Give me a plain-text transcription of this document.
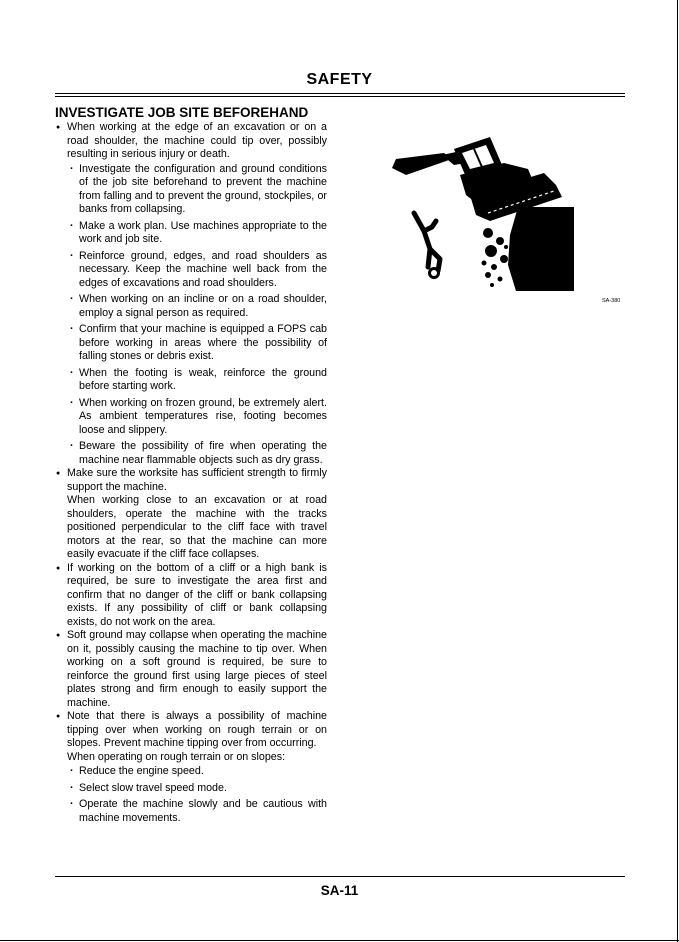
SAFETY
INVESTIGATE JOB SITE BEFOREHAND
● When working at the edge of an excavation or on a road shoulder, the machine could tip over, possibly resulting in serious injury or death.
· Investigate the configuration and ground conditions of the job site beforehand to prevent the machine from falling and to prevent the ground, stockpiles, or banks from collapsing.
· Make a work plan. Use machines appropriate to the work and job site.
· Reinforce ground, edges, and road shoulders as necessary. Keep the machine well back from the edges of excavations and road shoulders.
· When working on an incline or on a road shoulder, employ a signal person as required.
· Confirm that your machine is equipped a FOPS cab before working in areas where the possibility of falling stones or debris exist.
· When the footing is weak, reinforce the ground before starting work.
· When working on frozen ground, be extremely alert. As ambient temperatures rise, footing becomes loose and slippery.
· Beware the possibility of fire when operating the machine near flammable objects such as dry grass.
● Make sure the worksite has sufficient strength to firmly support the machine.
When working close to an excavation or at road shoulders, operate the machine with the tracks positioned perpendicular to the cliff face with travel motors at the rear, so that the machine can more easily evacuate if the cliff face collapses.
● If working on the bottom of a cliff or a high bank is required, be sure to investigate the area first and confirm that no danger of the cliff or bank collapsing exists. If any possibility of cliff or bank collapsing exists, do not work on the area.
● Soft ground may collapse when operating the machine on it, possibly causing the machine to tip over. When working on a soft ground is required, be sure to reinforce the ground first using large pieces of steel plates strong and firm enough to easily support the machine.
● Note that there is always a possibility of machine tipping over when working on rough terrain or on slopes. Prevent machine tipping over from occurring.
When operating on rough terrain or on slopes:
· Reduce the engine speed.
· Select slow travel speed mode.
· Operate the machine slowly and be cautious with machine movements.
SA-380
SA-11
